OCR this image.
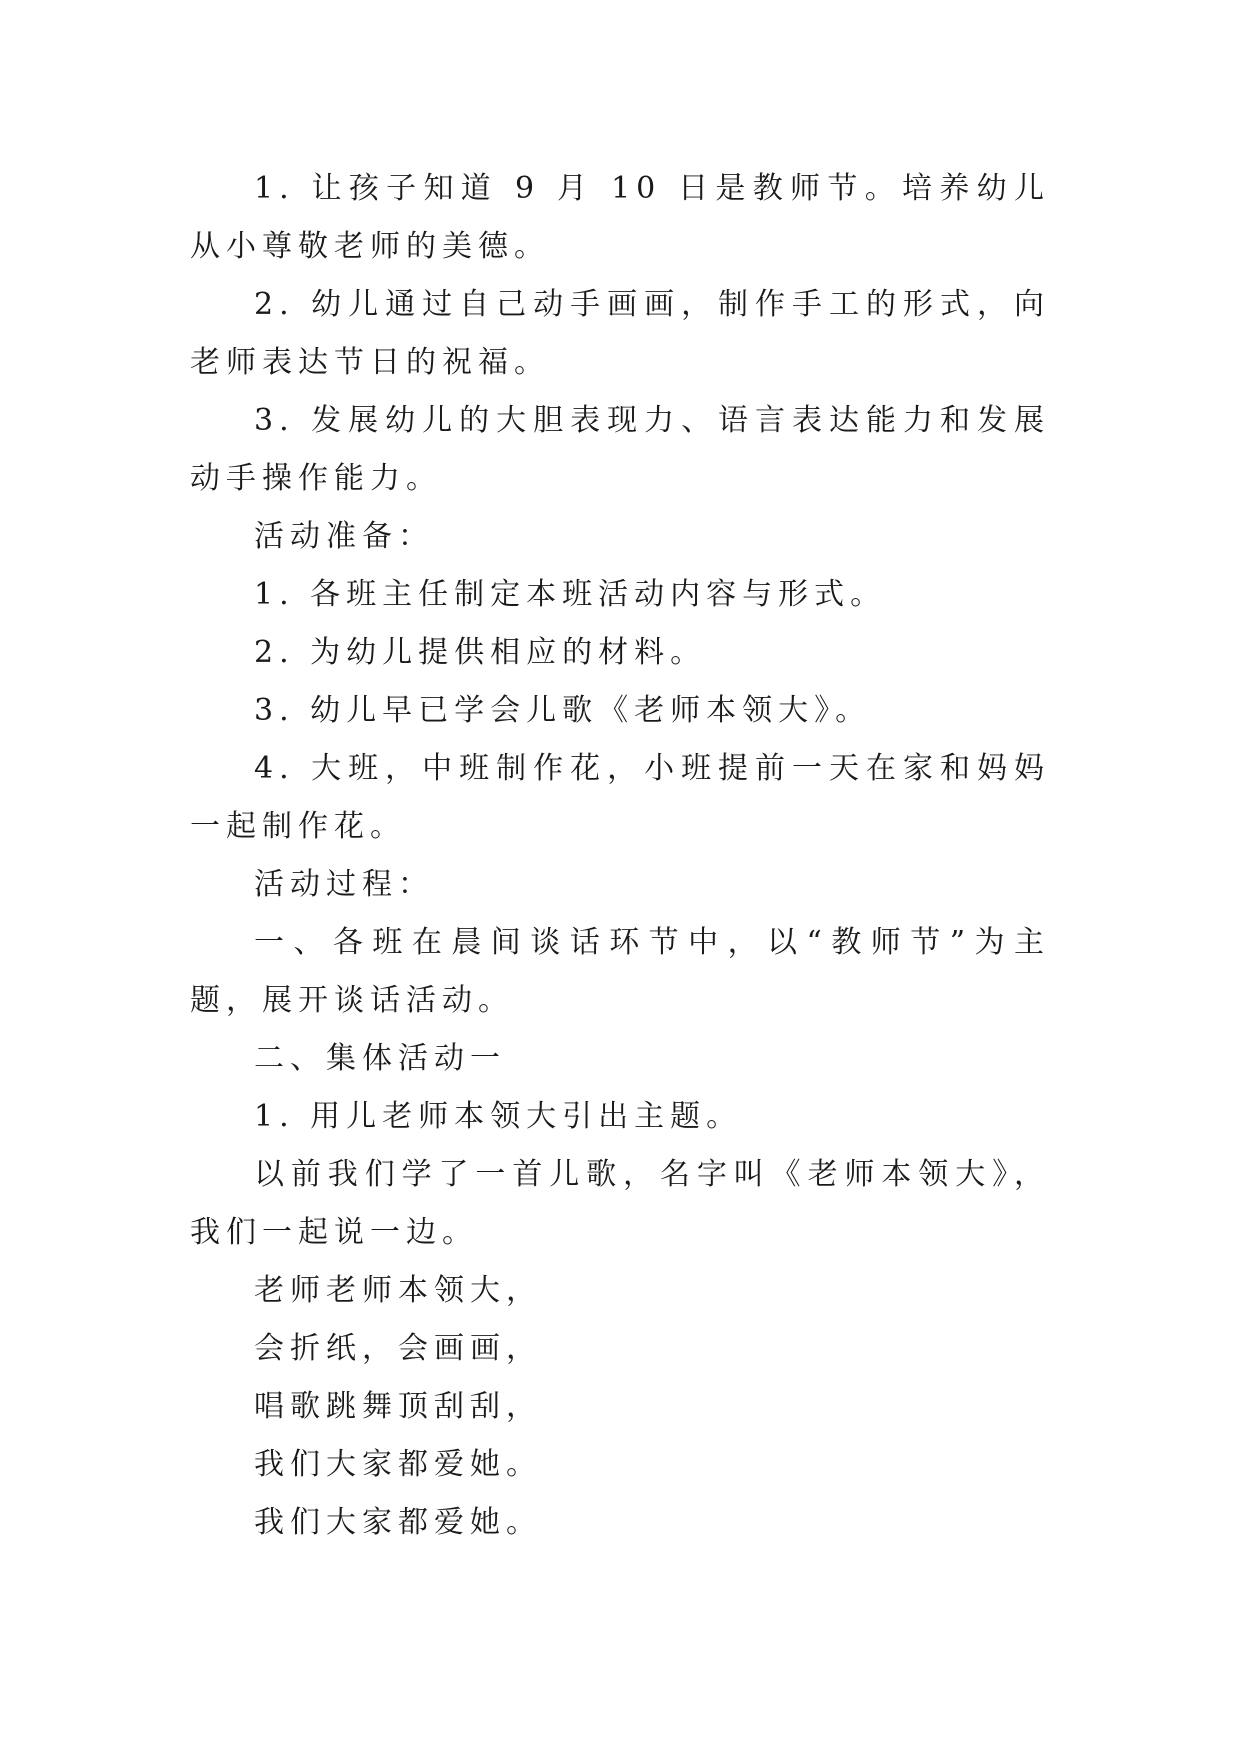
1. 让孩子知道 9 月 10 日是教师节。培养幼儿从小尊敬老师的美德。

2. 幼儿通过自己动手画画，制作手工的形式，向老师表达节日的祝福。

3. 发展幼儿的大胆表现力、语言表达能力和发展动手操作能力。

活动准备：

1. 各班主任制定本班活动内容与形式。

2. 为幼儿提供相应的材料。

3. 幼儿早已学会儿歌《老师本领大》。

4. 大班，中班制作花，小班提前一天在家和妈妈一起制作花。

活动过程：

一、各班在晨间谈话环节中，以“教师节”为主题，展开谈话活动。

二、集体活动一

1. 用儿老师本领大引出主题。

以前我们学了一首儿歌，名字叫《老师本领大》，我们一起说一边。

老师老师本领大，

会折纸，会画画，

唱歌跳舞顶刮刮，

我们大家都爱她。

我们大家都爱她。
